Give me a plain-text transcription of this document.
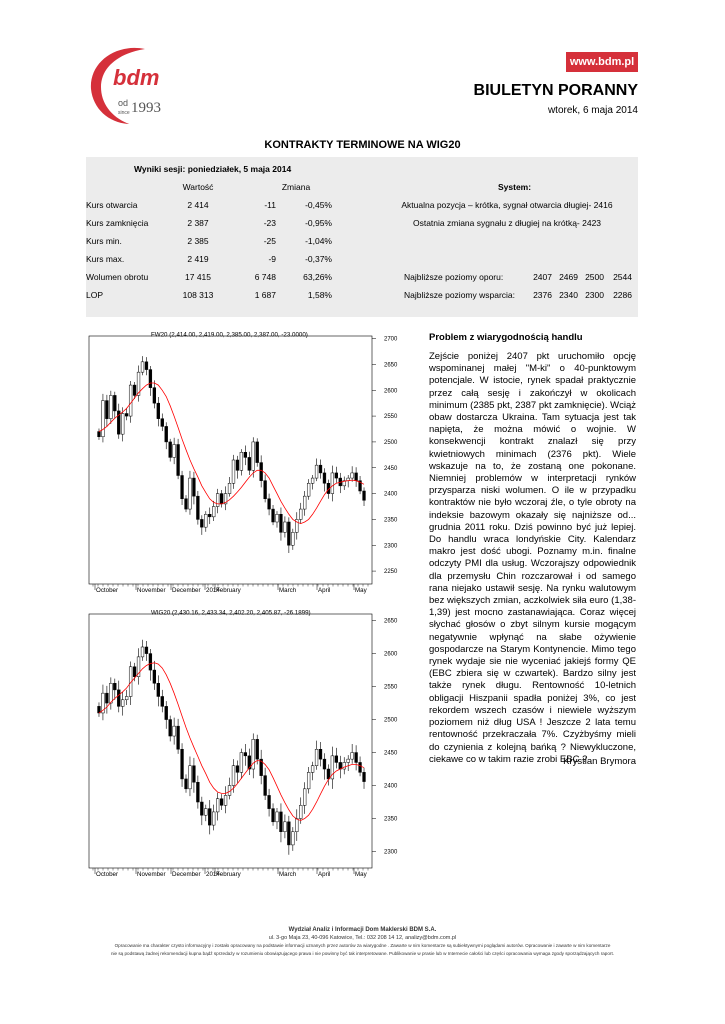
bdm
od
since 1993
www.bdm.pl
BIULETYN PORANNY
wtorek, 6 maja 2014
KONTRAKTY TERMINOWE NA WIG20
Wyniki sesji: poniedziałek, 5 maja 2014
Wartość	Zmiana	System:
Kurs otwarcia	2 414	-11	-0,45%
Kurs zamknięcia	2 387	-23	-0,95%
Kurs min.	2 385	-25	-1,04%
Kurs max.	2 419	-9	-0,37%
Wolumen obrotu	17 415	6 748	63,26%
LOP	108 313	1 687	1,58%
Aktualna pozycja – krótka, sygnał otwarcia długiej- 2416
Ostatnia zmiana sygnału z długiej na krótką- 2423
Najbliższe poziomy oporu:	2407 2469 2500	2544
Najbliższe poziomy wsparcia:	2376 2340 2300	2286
FW20 (2,414.00, 2,419.00, 2,385.00, 2,387.00, -23.0000)
2700
2650
2600
2550
2500
2450
2400
2350
2300
2250
October	November December 2014
February	March	April	May
WIG20 (2,430.16, 2,433.34, 2,402.20, 2,405.87, -26.1899)
2650
2600
2550
2500
2450
2400
2350
2300
October	November December 2014
February	March	April	May
Problem z wiarygodnością handlu
Zejście poniżej 2407 pkt uruchomiło opcję wspominanej małej "M-ki" o 40-punktowym potencjale. W istocie, rynek spadał praktycznie przez całą sesję i zakończył w okolicach minimum (2385 pkt, 2387 pkt zamknięcie). Wciąż obaw dostarcza Ukraina. Tam sytuacja jest tak napięta, że można mówić o wojnie. W konsekwencji kontrakt znalazł się przy kwietniowych minimach (2376 pkt). Wiele wskazuje na to, że zostaną one pokonane. Niemniej problemów w interpretacji rynków przysparza niski wolumen. O ile w przypadku kontraktów nie było wczoraj źle, o tyle obroty na indeksie bazowym okazały się najniższe od... grudnia 2011 roku. Dziś powinno być już lepiej. Do handlu wraca londyńskie City. Kalendarz makro jest dość ubogi. Poznamy m.in. finalne odczyty PMI dla usług. Wczorajszy odpowiednik dla przemysłu Chin rozczarował i od samego rana niejako ustawił sesję. Na rynku walutowym bez większych zmian, aczkolwiek siła euro (1,38-1,39) jest mocno zastanawiająca. Coraz więcej słychać głosów o zbyt silnym kursie mogącym negatywnie wpłynąć na słabe ożywienie gospodarcze na Starym Kontynencie. Mimo tego rynek wydaje sie nie wyceniać jakiejś formy QE (EBC zbiera się w czwartek). Bardzo silny jest także rynek długu. Rentowność 10-letnich obligacji Hiszpanii spadła poniżej 3%, co jest rekordem wszech czasów i niewiele wyższym poziomem niż dług USA ! Jeszcze 2 lata temu rentowność przekraczała 7%. Czyżbyśmy mieli do czynienia z kolejną bańką ? Niewykluczone, ciekawe co w takim razie zrobi EBC ?
Krystian Brymora
Wydział Analiz i Informacji Dom Maklerski BDM S.A.
ul. 3-go Maja 23, 40-096 Katowice, Tel.: 032 208 14 12, analizy@bdm.com.pl
Opracowanie ma charakter czysto informacyjny i zostało opracowany na podstawie informacji uznanych przez autorów za wiarygodne . Zawarte w nim komentarze są subiektywnymi poglądami autorów. Opracowanie i zawarte w nim komentarze
nie są podstawą żadnej rekomendacji kupna bądź sprzedaży w rozumieniu obowiązującego prawa i nie powinny być tak interpretowane. Publikowanie w prasie lub w Internecie całości lub części opracowania wymaga zgody sporządzających raport.
